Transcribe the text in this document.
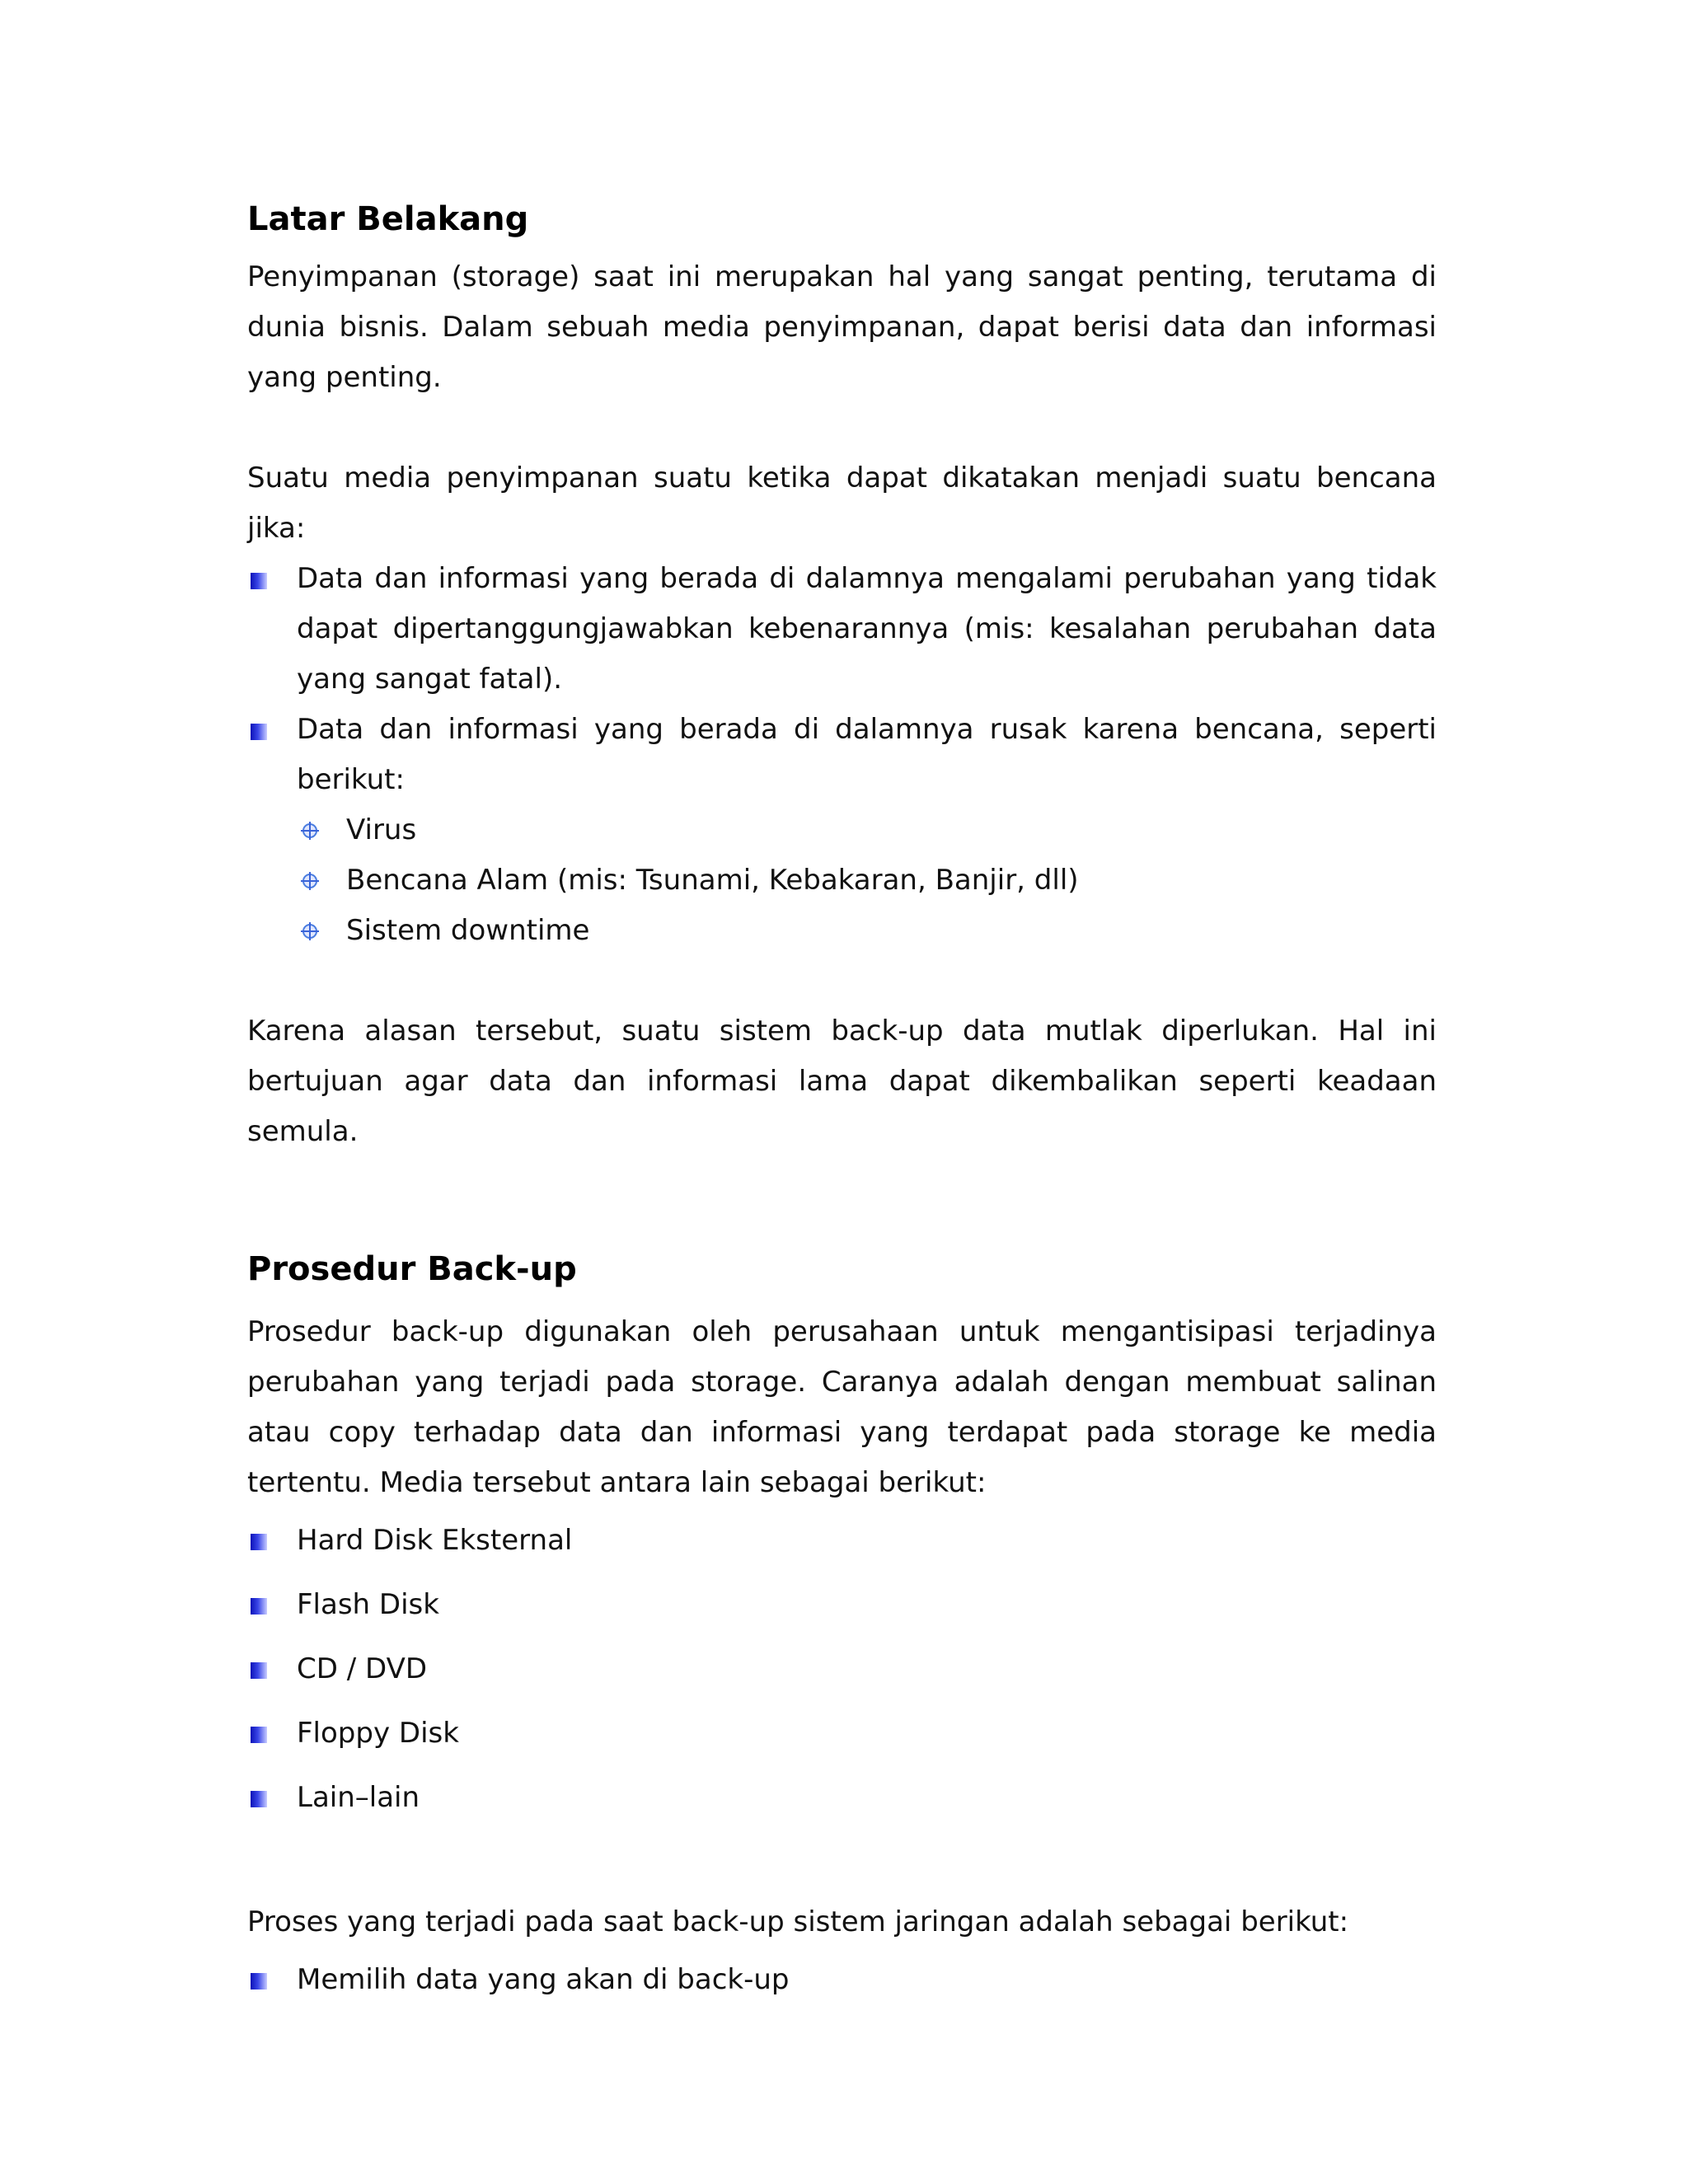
Latar Belakang

Penyimpanan (storage) saat ini merupakan hal yang sangat penting, terutama di dunia bisnis. Dalam sebuah media penyimpanan, dapat berisi data dan informasi yang penting.

Suatu media penyimpanan suatu ketika dapat dikatakan menjadi suatu bencana jika:

Data dan informasi yang berada di dalamnya mengalami perubahan yang tidak dapat dipertanggungjawabkan kebenarannya (mis: kesalahan perubahan data yang sangat fatal).
Data dan informasi yang berada di dalamnya rusak karena bencana, seperti berikut:
Virus
Bencana Alam (mis: Tsunami, Kebakaran, Banjir, dll)
Sistem downtime

Karena alasan tersebut, suatu sistem back-up data mutlak diperlukan. Hal ini bertujuan agar data dan informasi lama dapat dikembalikan seperti keadaan semula.

Prosedur Back-up

Prosedur back-up digunakan oleh perusahaan untuk mengantisipasi terjadinya perubahan yang terjadi pada storage. Caranya adalah dengan membuat salinan atau copy terhadap data dan informasi yang terdapat pada storage ke media tertentu. Media tersebut antara lain sebagai berikut:

Hard Disk Eksternal
Flash Disk
CD / DVD
Floppy Disk
Lain–lain

Proses yang terjadi pada saat back-up sistem jaringan adalah sebagai berikut:

Memilih data yang akan di back-up
